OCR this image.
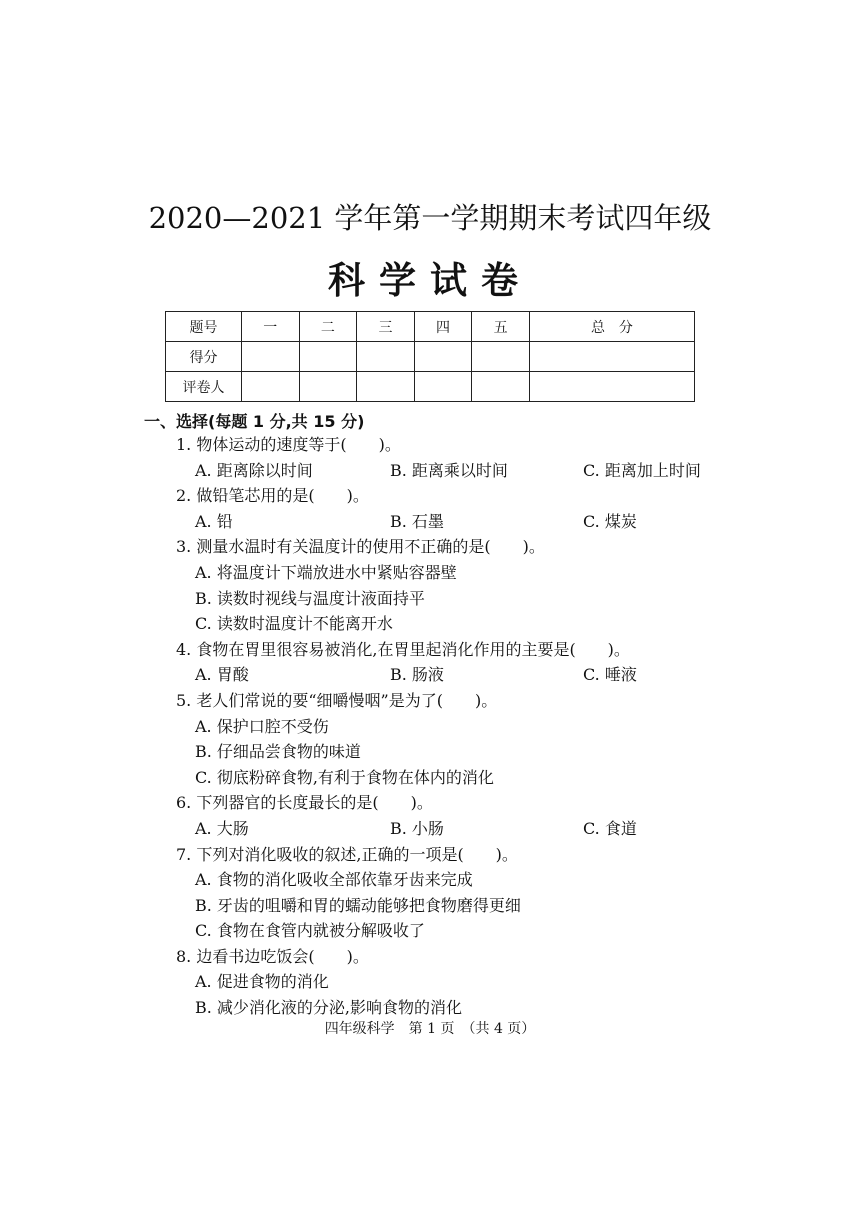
2020—2021 学年第一学期期末考试四年级
科学试卷
题号	一	二	三	四	五	总　分
得分						
评卷人						
一、选择(每题 1 分,共 15 分)
1. 物体运动的速度等于(　　)。
A. 距离除以时间	B. 距离乘以时间	C. 距离加上时间
2. 做铅笔芯用的是(　　)。
A. 铅	B. 石墨	C. 煤炭
3. 测量水温时有关温度计的使用不正确的是(　　)。
A. 将温度计下端放进水中紧贴容器壁
B. 读数时视线与温度计液面持平
C. 读数时温度计不能离开水
4. 食物在胃里很容易被消化,在胃里起消化作用的主要是(　　)。
A. 胃酸	B. 肠液	C. 唾液
5. 老人们常说的要“细嚼慢咽”是为了(　　)。
A. 保护口腔不受伤
B. 仔细品尝食物的味道
C. 彻底粉碎食物,有利于食物在体内的消化
6. 下列器官的长度最长的是(　　)。
A. 大肠	B. 小肠	C. 食道
7. 下列对消化吸收的叙述,正确的一项是(　　)。
A. 食物的消化吸收全部依靠牙齿来完成
B. 牙齿的咀嚼和胃的蠕动能够把食物磨得更细
C. 食物在食管内就被分解吸收了
8. 边看书边吃饭会(　　)。
A. 促进食物的消化
B. 减少消化液的分泌,影响食物的消化
四年级科学　第 1 页　（共 4 页）
